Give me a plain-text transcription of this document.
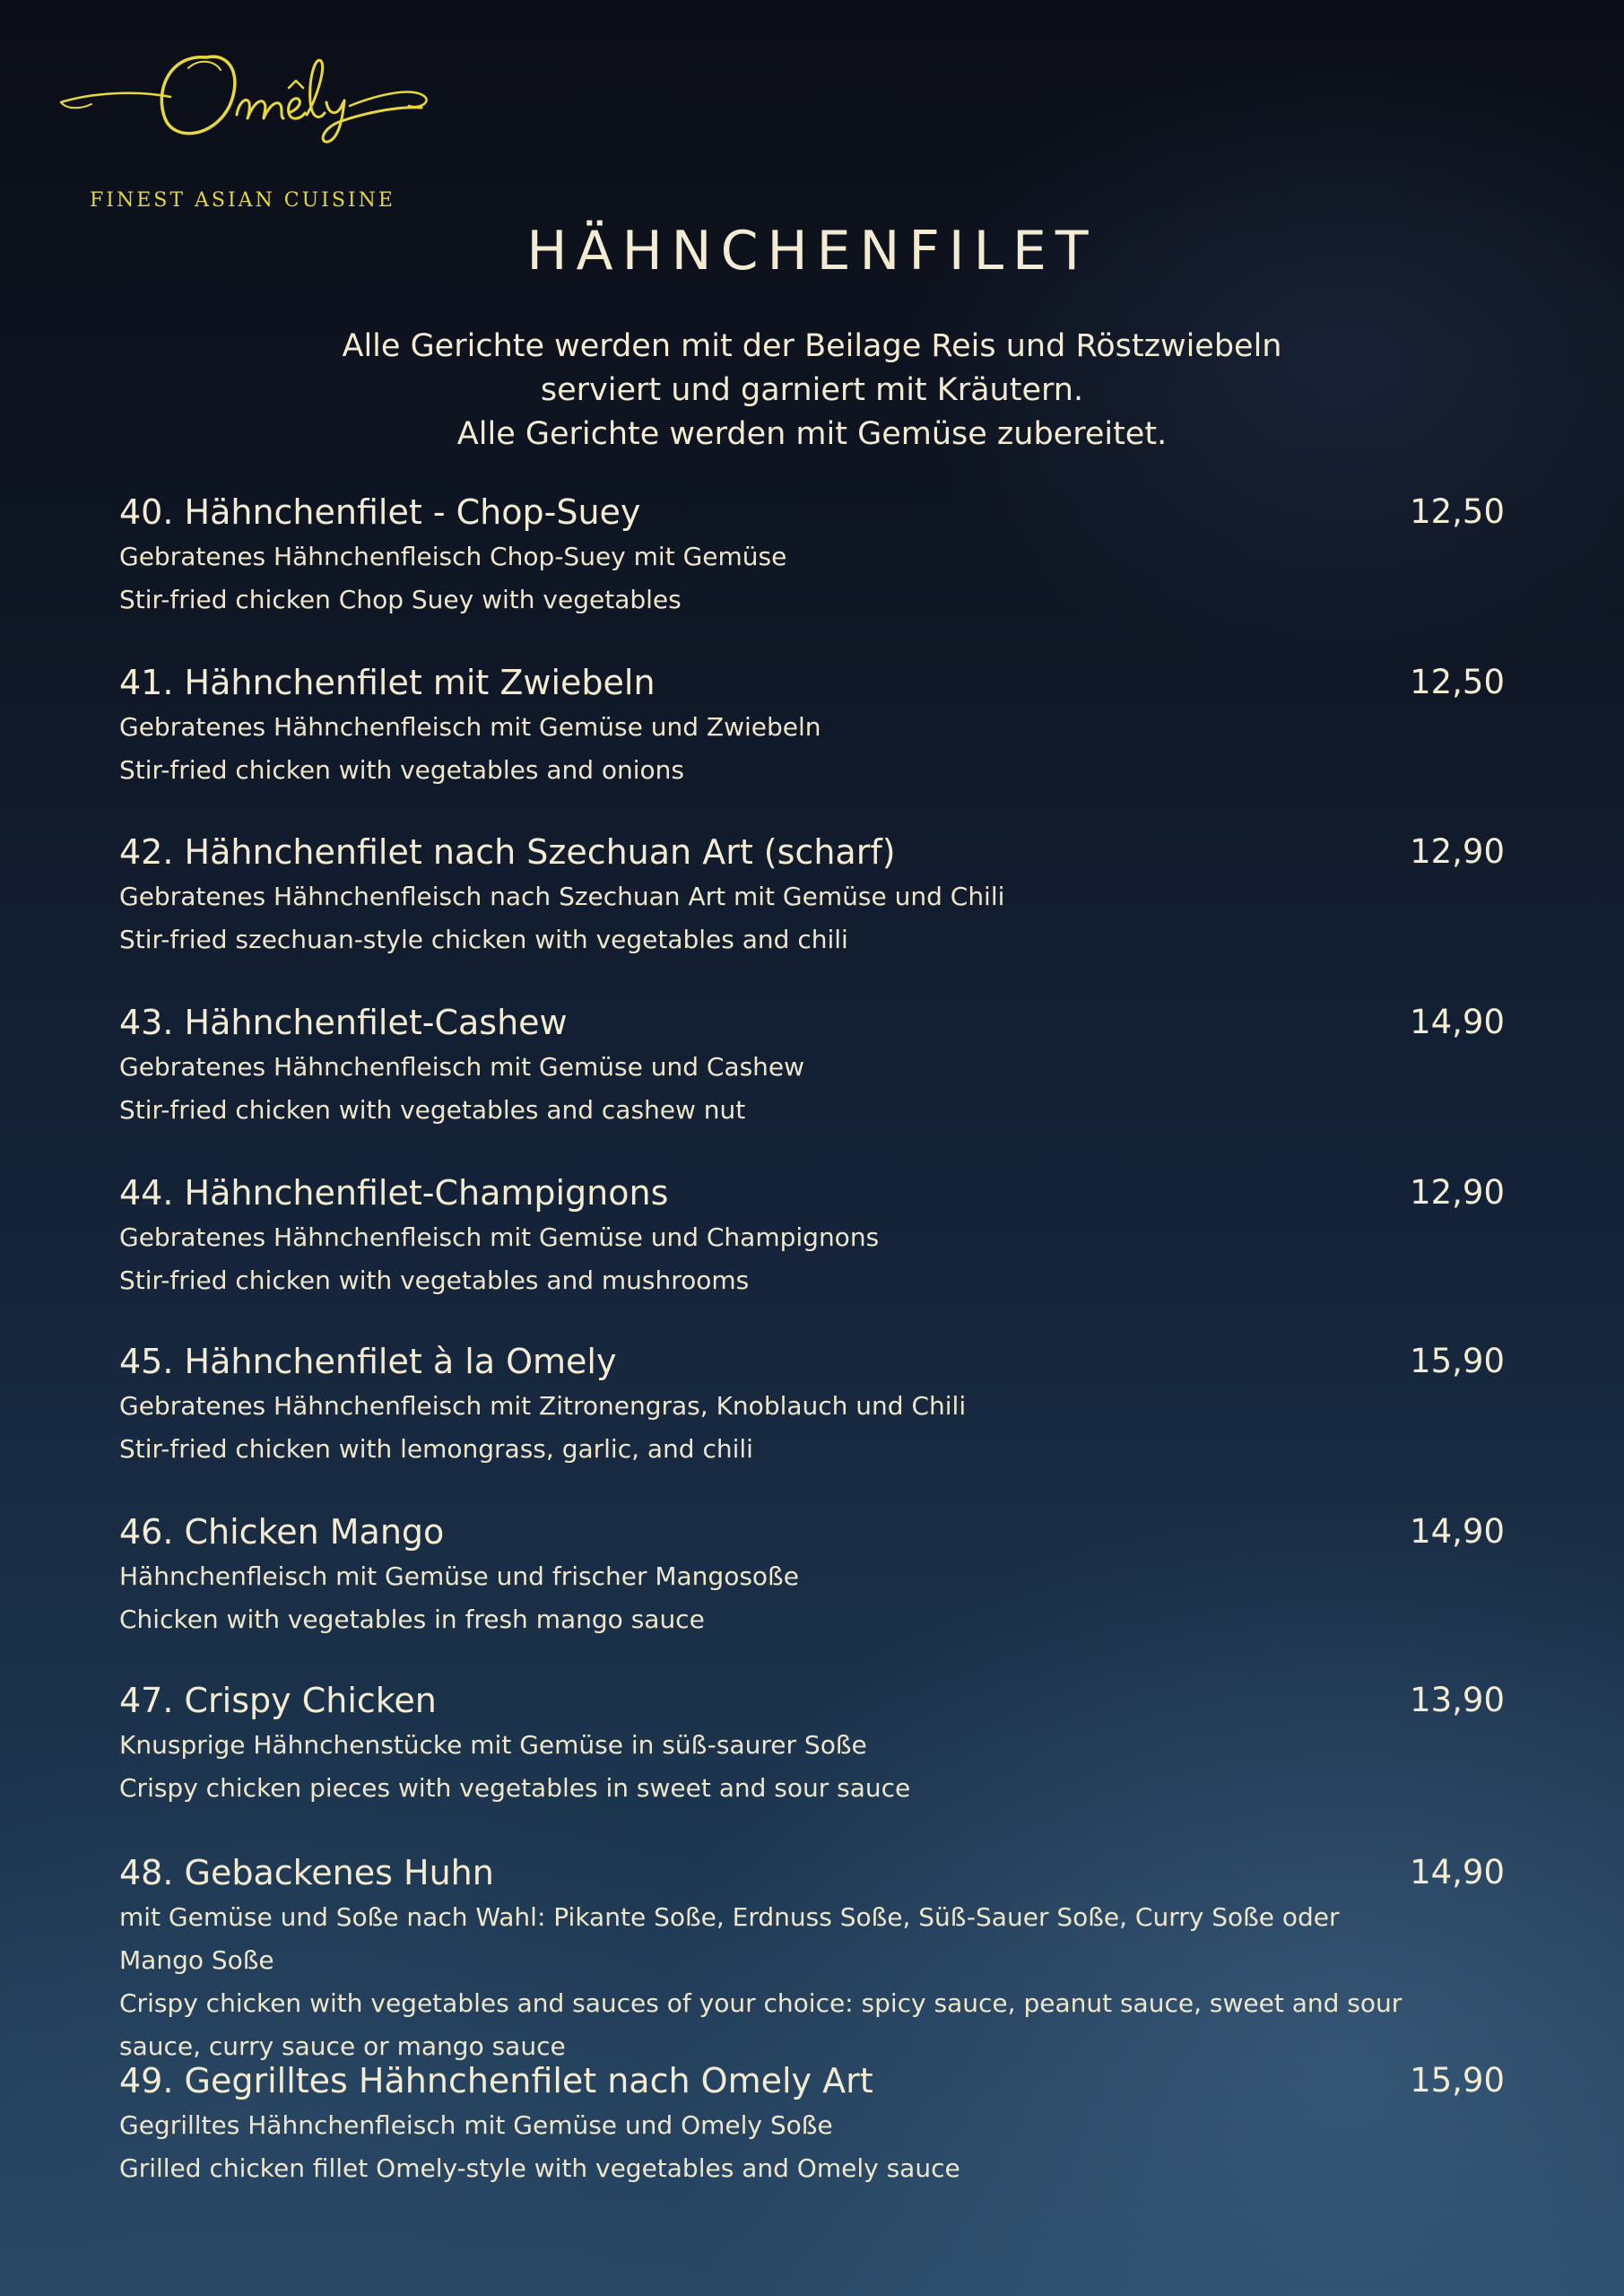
FINEST ASIAN CUISINE
HÄHNCHENFILET
Alle Gerichte werden mit der Beilage Reis und Röstzwiebeln
serviert und garniert mit Kräutern.
Alle Gerichte werden mit Gemüse zubereitet.
40. Hähnchenfilet - Chop-Suey	12,50
Gebratenes Hähnchenfleisch Chop-Suey mit Gemüse
Stir-fried chicken Chop Suey with vegetables
41. Hähnchenfilet mit Zwiebeln	12,50
Gebratenes Hähnchenfleisch mit Gemüse und Zwiebeln
Stir-fried chicken with vegetables and onions
42. Hähnchenfilet nach Szechuan Art (scharf)	12,90
Gebratenes Hähnchenfleisch nach Szechuan Art mit Gemüse und Chili
Stir-fried szechuan-style chicken with vegetables and chili
43. Hähnchenfilet-Cashew	14,90
Gebratenes Hähnchenfleisch mit Gemüse und Cashew
Stir-fried chicken with vegetables and cashew nut
44. Hähnchenfilet-Champignons	12,90
Gebratenes Hähnchenfleisch mit Gemüse und Champignons
Stir-fried chicken with vegetables and mushrooms
45. Hähnchenfilet à la Omely	15,90
Gebratenes Hähnchenfleisch mit Zitronengras, Knoblauch und Chili
Stir-fried chicken with lemongrass, garlic, and chili
46. Chicken Mango	14,90
Hähnchenfleisch mit Gemüse und frischer Mangosoße
Chicken with vegetables in fresh mango sauce
47. Crispy Chicken	13,90
Knusprige Hähnchenstücke mit Gemüse in süß-saurer Soße
Crispy chicken pieces with vegetables in sweet and sour sauce
48. Gebackenes Huhn	14,90
mit Gemüse und Soße nach Wahl: Pikante Soße, Erdnuss Soße, Süß-Sauer Soße, Curry Soße oder Mango Soße
Crispy chicken with vegetables and sauces of your choice: spicy sauce, peanut sauce, sweet and sour sauce, curry sauce or mango sauce
49. Gegrilltes Hähnchenfilet nach Omely Art	15,90
Gegrilltes Hähnchenfleisch mit Gemüse und Omely Soße
Grilled chicken fillet Omely-style with vegetables and Omely sauce
